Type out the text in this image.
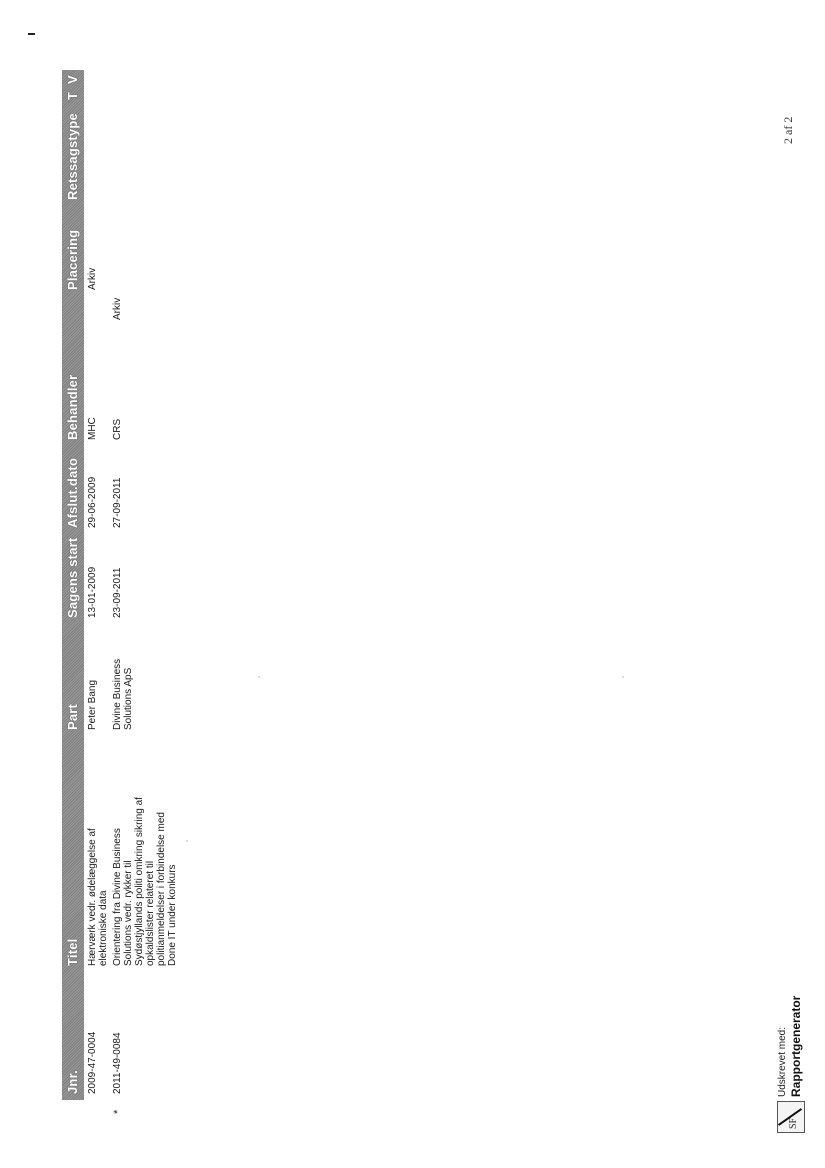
Jnr.
Titel
Part
Sagens start
Afslut.dato
Behandler
Placering
Retssagstype
T
V
2009-47-0004
Hærværk vedr. ødelæggelse af
elektroniske data
Peter Bang
13-01-2009
29-06-2009
MHC
Arkiv
*
2011-49-0084
Orientering fra Divine Business
Solutions vedr. rykker til
Sydøstjyllands politi omkring sikring af
opkaldslister relateret til
politianmeldelser i forbindelse med
Done IT under konkurs
Divine Business
Solutions ApS
23-09-2011
27-09-2011
CRS
Arkiv
SF
Udskrevet med: Rapportgenerator
2 af 2
